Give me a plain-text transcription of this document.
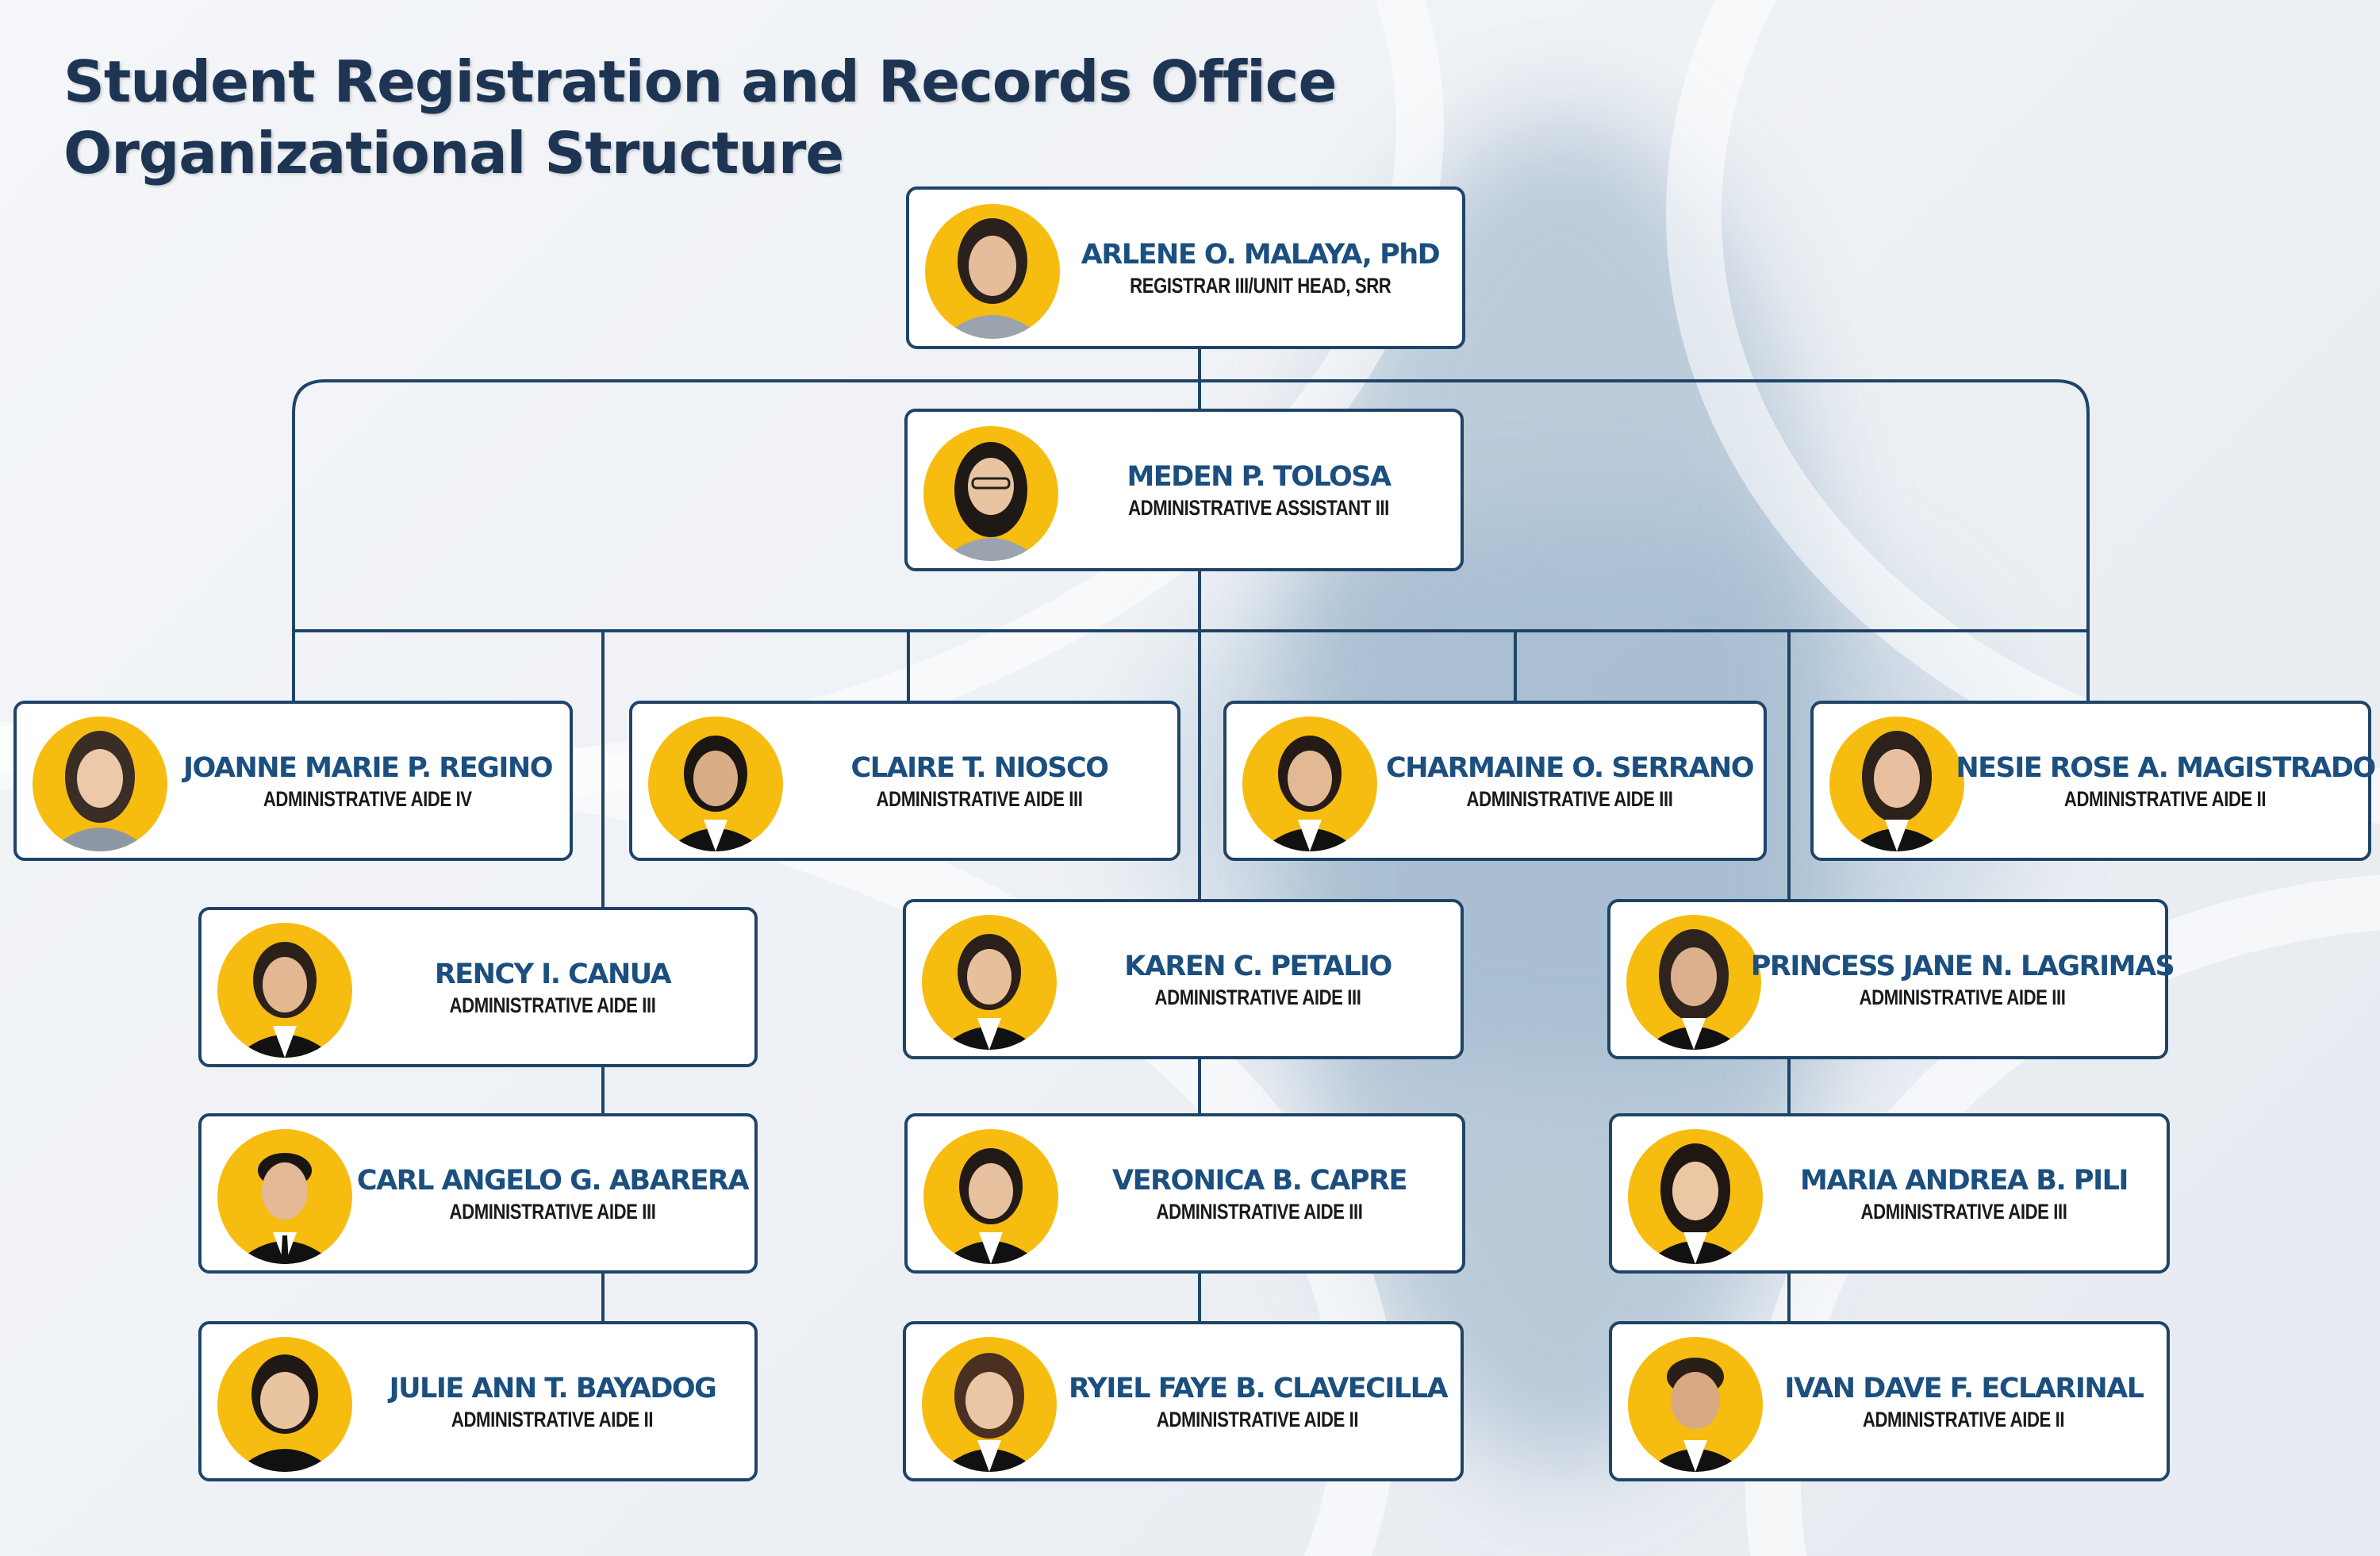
Student Registration and Records Office
Organizational Structure
ARLENE O. MALAYA, PhD
REGISTRAR III/UNIT HEAD, SRR
MEDEN P. TOLOSA
ADMINISTRATIVE ASSISTANT III
JOANNE MARIE P. REGINO
ADMINISTRATIVE AIDE IV
CLAIRE T. NIOSCO
ADMINISTRATIVE AIDE III
CHARMAINE O. SERRANO
ADMINISTRATIVE AIDE III
NESIE ROSE A. MAGISTRADO
ADMINISTRATIVE AIDE II
RENCY I. CANUA
ADMINISTRATIVE AIDE III
KAREN C. PETALIO
ADMINISTRATIVE AIDE III
PRINCESS JANE N. LAGRIMAS
ADMINISTRATIVE AIDE III
CARL ANGELO G. ABARERA
ADMINISTRATIVE AIDE III
VERONICA B. CAPRE
ADMINISTRATIVE AIDE III
MARIA ANDREA B. PILI
ADMINISTRATIVE AIDE III
JULIE ANN T. BAYADOG
ADMINISTRATIVE AIDE II
RYIEL FAYE B. CLAVECILLA
ADMINISTRATIVE AIDE II
IVAN DAVE F. ECLARINAL
ADMINISTRATIVE AIDE II
